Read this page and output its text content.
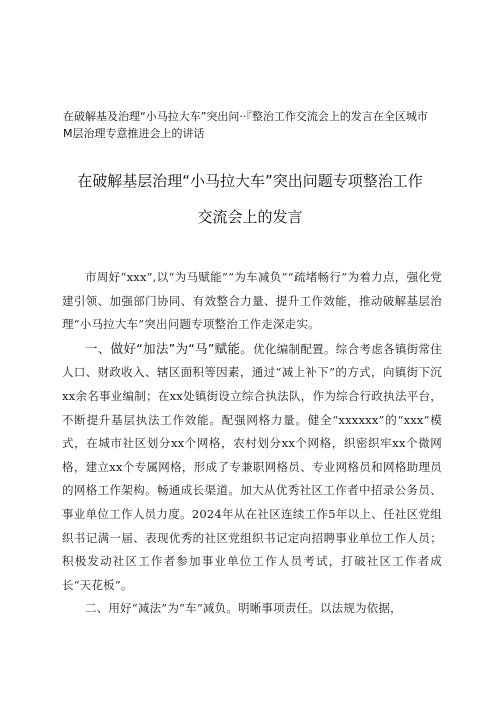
在破解基及治理“小马拉大车”突出问··『整治工作交流会上的发言在全区城市M层治理专意推进会上的讲话
在破解基层治理“小马拉大车”突出问题专项整治工作
交流会上的发言

市周好“xxx”,以“为马赋能”“为车减负”“疏堵畅行”为着力点，强化党建引领、加强部门协同、有效整合力量、提升工作效能，推动破解基层治理“小马拉大车”突出问题专项整治工作走深走实。

一、做好“加法”为“马”赋能。优化编制配置。综合考虑各镇街常住人口、财政收入、辖区面积等因素，通过“减上补下”的方式，向镇街下沉xx余名事业编制；在xx处镇街设立综合执法队，作为综合行政执法平台，不断提升基层执法工作效能。配强网格力量。健全“xxxxxx”的“xxx”模式，在城市社区划分xx个网格，农村划分xx个网格，织密织牢xx个微网格，建立xx个专属网格，形成了专兼职网格员、专业网格员和网格助理员的网格工作架构。畅通成长渠道。加大从优秀社区工作者中招录公务员、事业单位工作人员力度。2024年从在社区连续工作5年以上、任社区党组织书记满一届、表现优秀的社区党组织书记定向招聘事业单位工作人员；积极发动社区工作者参加事业单位工作人员考试，打破社区工作者成长“天花板”。

二、用好“减法”为“车”减负。明晰事项责任。以法规为依据，
